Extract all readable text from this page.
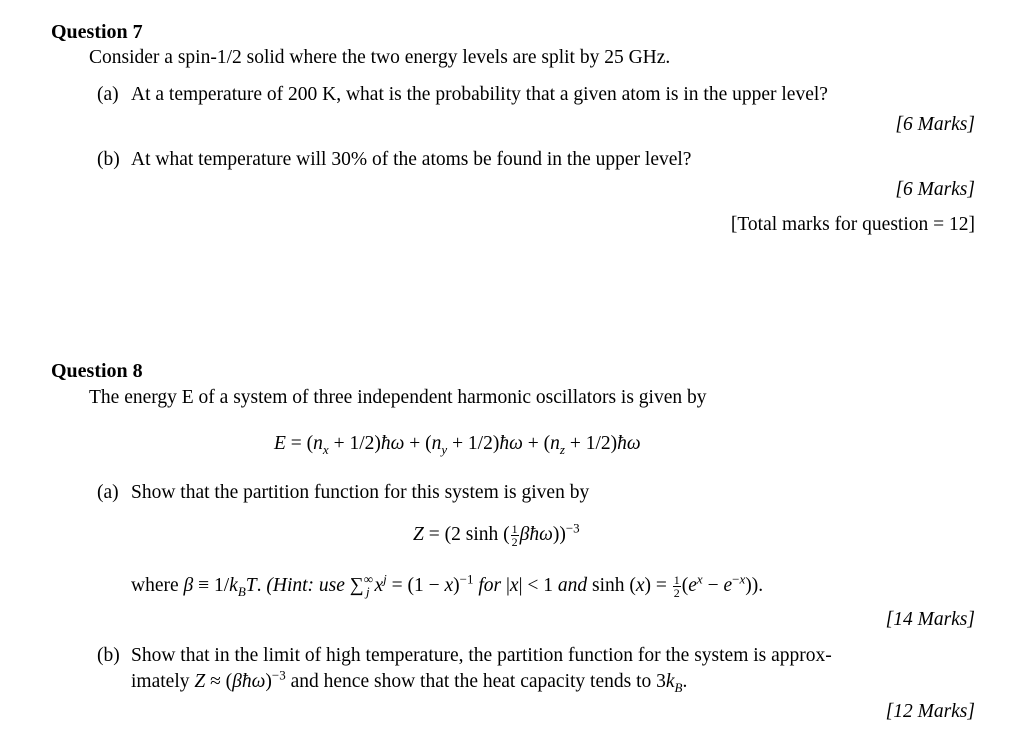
Question 7
Consider a spin-1/2 solid where the two energy levels are split by 25 GHz.
(a) At a temperature of 200 K, what is the probability that a given atom is in the upper level?
[6 Marks]
(b) At what temperature will 30% of the atoms be found in the upper level?
[6 Marks]
[Total marks for question = 12]
Question 8
The energy E of a system of three independent harmonic oscillators is given by
$E = (n_x$ + 1/2)ħω + ($n_y$ + 1/2)ħω + ($n_z$ + 1/2)ħω
(a) Show that the partition function for this system is given by
Z = (2 sinh ( $\frac{1}{2}$ βħω))$^{-3}$
where $\beta \equiv 1/k_BT$. (Hint: use $\sum^\infty_j$ $x^j = (1 - x)^{-1}$ for |x| < 1 and $\sinh (x) = \frac{1}{2} (e^x - e^{-x})$).
[14 Marks]
(b) Show that in the limit of high temperature, the partition function for the system is approx-
imately Z ≈ (βħω)$^{-3}$ and hence show that the heat capacity tends to $3k_B$.
[12 Marks]
